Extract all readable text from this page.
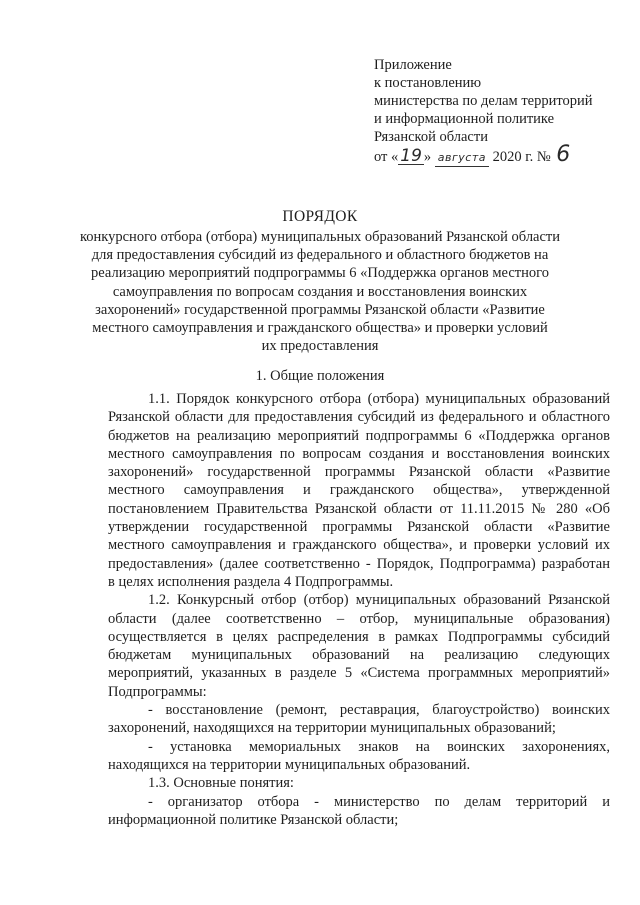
Приложение
к постановлению
министерства по делам территорий
и информационной политике
Рязанской области
от « 19 » августа 2020 г. № 6
ПОРЯДОК
конкурсного отбора (отбора) муниципальных образований Рязанской области
для предоставления субсидий из федерального и областного бюджетов на
реализацию мероприятий подпрограммы 6 «Поддержка органов местного
самоуправления по вопросам создания и восстановления воинских
захоронений» государственной программы Рязанской области «Развитие
местного самоуправления и гражданского общества» и проверки условий
их предоставления
1. Общие положения
1.1. Порядок конкурсного отбора (отбора) муниципальных образований
Рязанской области для предоставления субсидий из федерального и областного
бюджетов на реализацию мероприятий подпрограммы 6 «Поддержка органов
местного самоуправления по вопросам создания и восстановления воинских
захоронений» государственной программы Рязанской области «Развитие
местного самоуправления и гражданского общества», утвержденной
постановлением Правительства Рязанской области от 11.11.2015 № 280 «Об
утверждении государственной программы Рязанской области «Развитие
местного самоуправления и гражданского общества», и проверки условий их
предоставления» (далее соответственно - Порядок, Подпрограмма) разработан
в целях исполнения раздела 4 Подпрограммы.
1.2. Конкурсный отбор (отбор) муниципальных образований Рязанской
области (далее соответственно – отбор, муниципальные образования)
осуществляется в целях распределения в рамках Подпрограммы субсидий
бюджетам муниципальных образований на реализацию следующих
мероприятий, указанных в разделе 5 «Система программных мероприятий»
Подпрограммы:
- восстановление (ремонт, реставрация, благоустройство) воинских
захоронений, находящихся на территории муниципальных образований;
- установка мемориальных знаков на воинских захоронениях,
находящихся на территории муниципальных образований.
1.3. Основные понятия:
- организатор отбора - министерство по делам территорий и
информационной политике Рязанской области;
